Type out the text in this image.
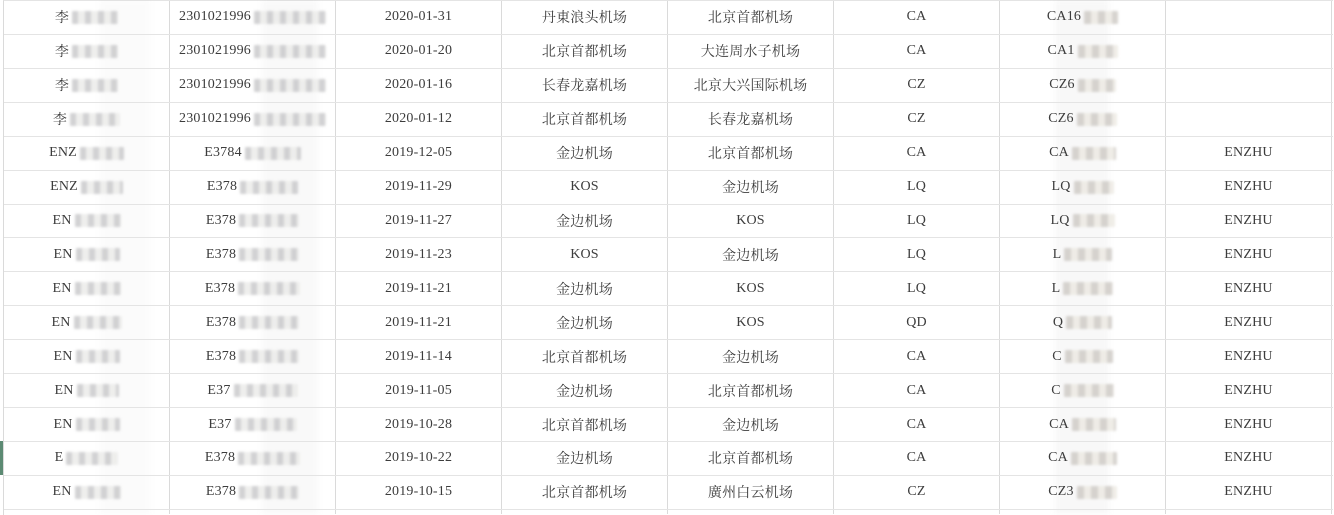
李	2301021996	2020-01-31	丹東浪头机场	北京首都机场	CA	CA16
李	2301021996	2020-01-20	北京首都机场	大连周水子机场	CA	CA1
李	2301021996	2020-01-16	长春龙嘉机场	北京大兴国际机场	CZ	CZ6
李	2301021996	2020-01-12	北京首都机场	长春龙嘉机场	CZ	CZ6
ENZ	E3784	2019-12-05	金边机场	北京首都机场	CA	CA	ENZHU
ENZ	E378	2019-11-29	KOS	金边机场	LQ	LQ	ENZHU
EN	E378	2019-11-27	金边机场	KOS	LQ	LQ	ENZHU
EN	E378	2019-11-23	KOS	金边机场	LQ	L	ENZHU
EN	E378	2019-11-21	金边机场	KOS	LQ	L	ENZHU
EN	E378	2019-11-21	金边机场	KOS	QD	Q	ENZHU
EN	E378	2019-11-14	北京首都机场	金边机场	CA	C	ENZHU
EN	E37	2019-11-05	金边机场	北京首都机场	CA	C	ENZHU
EN	E37	2019-10-28	北京首都机场	金边机场	CA	CA	ENZHU
E	E378	2019-10-22	金边机场	北京首都机场	CA	CA	ENZHU
EN	E378	2019-10-15	北京首都机场	廣州白云机场	CZ	CZ3	ENZHU
